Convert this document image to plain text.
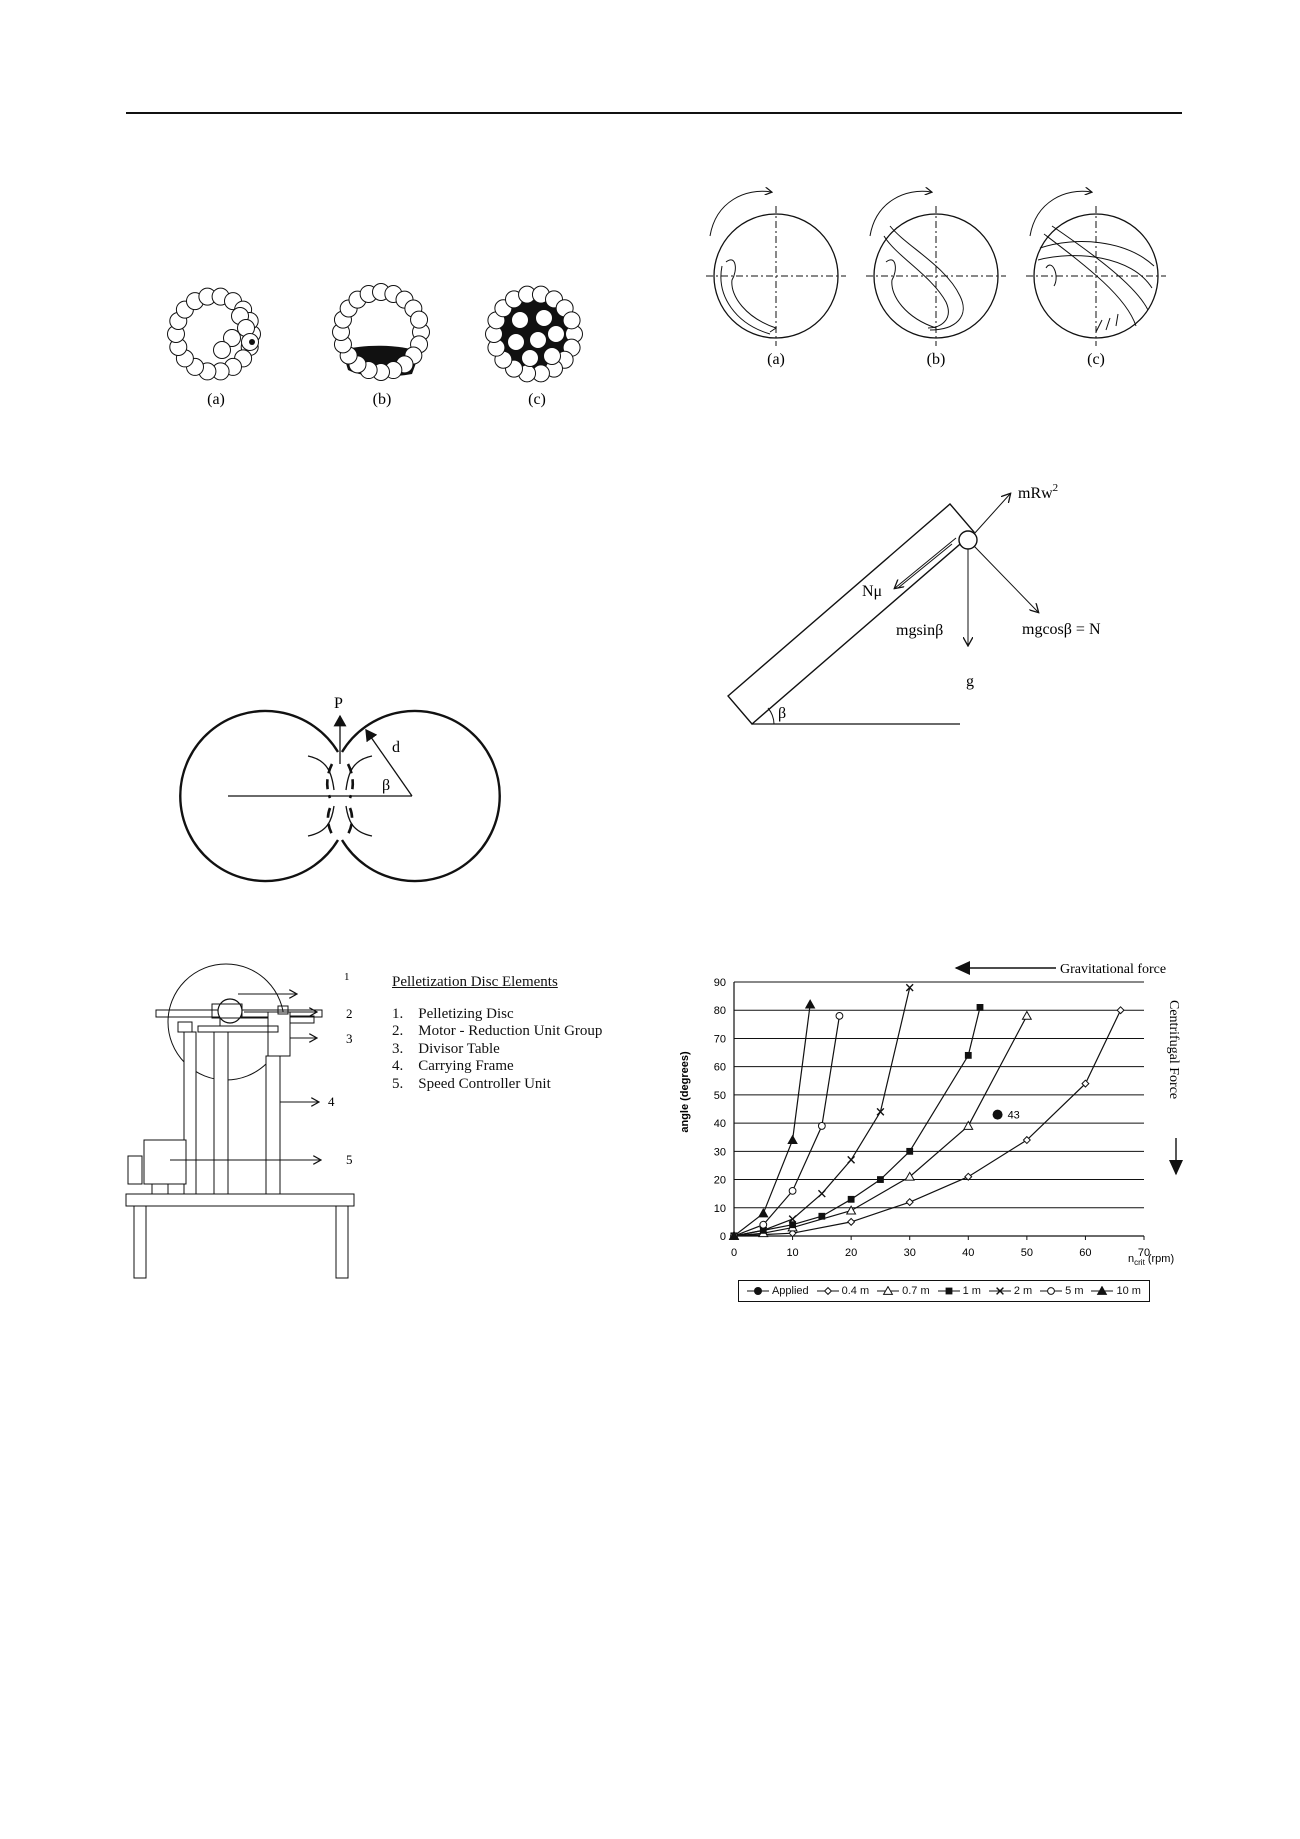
(a)	(b)	(c)
(a)	(b)	(c)
β
mRw$^2$
Nμ
mgsinβ	mgcosβ = N
g
P
d
β
1
2
3
4
5
Pelletization Disc Elements
1. Pelletizing Disc
2. Motor - Reduction Unit Group
3. Divisor Table
4. Carrying Frame
5. Speed Controller Unit
0
10
20
30
40
50
60
70
80
90
0	10	20	30	40	50	60	70
43
Gravitational force
Centrifugal Force
angle (degrees)
$n_{crit}$ (rpm)
Applied	0.4 m	0.7 m	1 m	2 m	5 m	10 m
